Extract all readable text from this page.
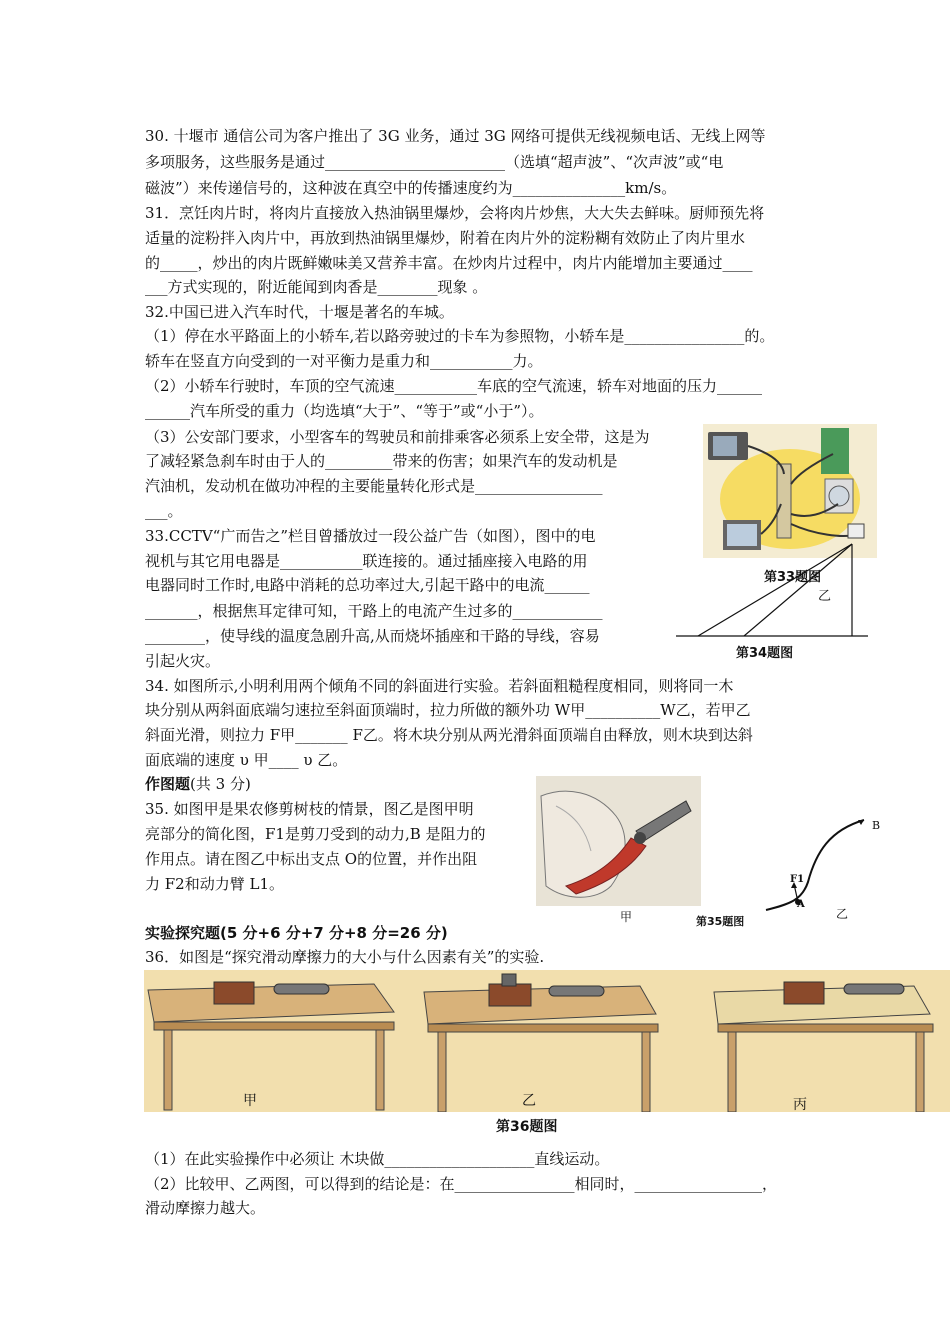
30. 十堰市 通信公司为客户推出了 3G 业务，通过 3G 网络可提供无线视频电话、无线上网等
多项服务，这些服务是通过________________________（选填“超声波”、“次声波”或“电
磁波”）来传递信号的，这种波在真空中的传播速度约为_______________km/s。
31．烹饪肉片时，将肉片直接放入热油锅里爆炒，会将肉片炒焦，大大失去鲜味。厨师预先将
适量的淀粉拌入肉片中，再放到热油锅里爆炒，附着在肉片外的淀粉糊有效防止了肉片里水
的_____，炒出的肉片既鲜嫩味美又营养丰富。在炒肉片过程中，肉片内能增加主要通过____
___方式实现的，附近能闻到肉香是________现象 。
32.中国已进入汽车时代，十堰是著名的车城。
（1）停在水平路面上的小轿车,若以路旁驶过的卡车为参照物，小轿车是________________的。
轿车在竖直方向受到的一对平衡力是重力和___________力。
（2）小轿车行驶时，车顶的空气流速___________车底的空气流速，轿车对地面的压力______
______汽车所受的重力（均选填“大于”、“等于”或“小于”）。
（3）公安部门要求，小型客车的驾驶员和前排乘客必须系上安全带，这是为
了减轻紧急刹车时由于人的_________带来的伤害；如果汽车的发动机是
汽油机，发动机在做功冲程的主要能量转化形式是_________________
___。
33.CCTV“广而告之”栏目曾播放过一段公益广告（如图），图中的电
视机与其它用电器是___________联连接的。通过插座接入电路的用
电器同时工作时,电路中消耗的总功率过大,引起干路中的电流______
_______，根据焦耳定律可知，干路上的电流产生过多的____________
________，使导线的温度急剧升高,从而烧坏插座和干路的导线，容易
引起火灾。
34. 如图所示,小明利用两个倾角不同的斜面进行实验。若斜面粗糙程度相同，则将同一木
块分别从两斜面底端匀速拉至斜面顶端时，拉力所做的额外功 W甲__________W乙，若甲乙
斜面光滑，则拉力 F甲_______ F乙。将木块分别从两光滑斜面顶端自由释放，则木块到达斜
面底端的速度 υ 甲____ υ 乙。
作图题(共 3 分)
35. 如图甲是果农修剪树枝的情景，图乙是图甲明
亮部分的简化图，F1是剪刀受到的动力,B 是阻力的
作用点。请在图乙中标出支点 O的位置，并作出阻
力 F2和动力臂 L1。
实验探究题(5 分+6 分+7 分+8 分=26 分)
36．如图是“探究滑动摩擦力的大小与什么因素有关”的实验.
（1）在此实验操作中必须让 木块做____________________直线运动。
（2）比较甲、乙两图，可以得到的结论是：在________________相同时，_________________，
滑动摩擦力越大。
第33题图
乙
第34题图
甲	第35题图
B
A
F1
乙
甲	乙	丙
第36题图
